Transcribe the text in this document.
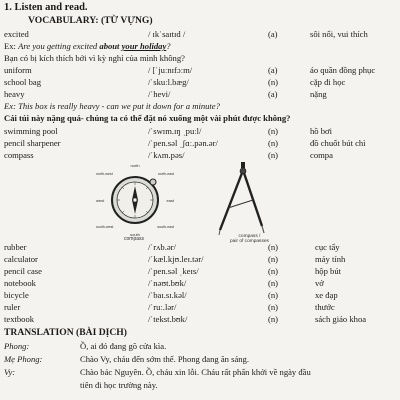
1. Listen and read.
VOCABULARY: (TỪ VỰNG)
excited	/ ɪkˈsaɪtɪd /	(a)	sôi nổi, vui thích
Ex: Are you getting excited about your holiday?
Bạn có bị kích thích bởi vì kỳ nghỉ của mình không?
uniform	/ [ˈjuːnɪfɔːm/	(a)	áo quần đồng phục
school bag	/ˈskuːl.bæg/	(n)	cặp đi học
heavy	/ˈhevi/	(a)	nặng
Ex: This box is really heavy - can we put it down for a minute?
Cái túi này nặng quá- chúng ta có thể đặt nó xuống một vài phút được không?
swimming pool	/ˈswɪm.ɪŋ ˌpuːl/	(n)	hồ bơi
pencil sharpener	/ˈpen.səl ˌʃɑː.pən.ər/	(n)	đồ chuốt bút chì
compass	/ˈkʌm.pəs/	(n)	compa
north
south
west	east
north-west	north-east
south-west	south-east
compass	compass /
pair of compasses
rubber	/ˈrʌb.ər/	(n)	cục tẩy
calculator	/ˈkæl.kjʊ.leɪ.tər/	(n)	máy tính
pencil case	/ˈpen.səl ˌkeɪs/	(n)	hộp bút
notebook	/ˈnəʊt.bʊk/	(n)	vở
bicycle	/ˈbaɪ.sɪ.kəl/	(n)	xe đạp
ruler	/ˈruː.lər/	(n)	thước
textbook	/ˈtekst.bʊk/	(n)	sách giáo khoa
TRANSLATION (BÀI DỊCH)
Phong:	Ồ, ai đó đang gõ cửa kìa.
Mẹ Phong:	Chào Vy, cháu đến sớm thế. Phong đang ăn sáng.
Vy:	Chào bác Nguyên. Ồ, cháu xin lỗi. Cháu rất phấn khởi về ngày đầu
tiên đi học trường này.
